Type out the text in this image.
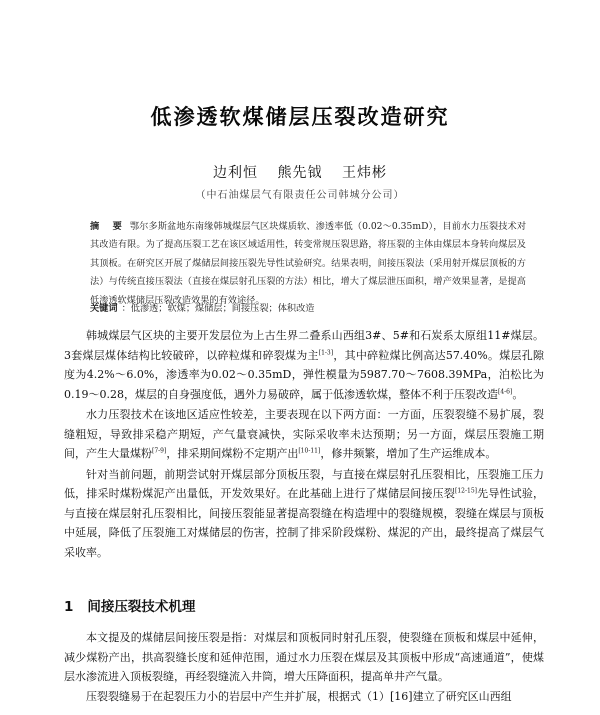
低渗透软煤储层压裂改造研究
边利恒 熊先钺 王炜彬
（中石油煤层气有限责任公司韩城分公司）
摘　要 鄂尔多斯盆地东南缘韩城煤层气区块煤质软、渗透率低（0.02～0.35mD），目前水力压裂技术对其改造有限。为了提高压裂工艺在该区域适用性，转变常规压裂思路，将压裂的主体由煤层本身转向煤层及其顶板。在研究区开展了煤储层间接压裂先导性试验研究。结果表明，间接压裂法（采用射开煤层顶板的方法）与传统直接压裂法（直接在煤层射孔压裂的方法）相比，增大了煤层泄压面积，增产效果显著，是提高低渗透软煤储层压裂改造效果的有效途径。
关键词 ：低渗透；软煤；煤储层；间接压裂；体积改造

韩城煤层气区块的主要开发层位为上古生界二叠系山西组3#、5#和石炭系太原组11#煤层。3套煤层煤体结构比较破碎，以碎粒煤和碎裂煤为主[1-3]，其中碎粒煤比例高达57.40%。煤层孔隙度为4.2%～6.0%，渗透率为0.02～0.35mD，弹性模量为5987.70～7608.39MPa，泊松比为0.19～0.28，煤层的自身强度低，遇外力易破碎，属于低渗透软煤，整体不利于压裂改造[4-6]。

水力压裂技术在该地区适应性较差，主要表现在以下两方面：一方面，压裂裂缝不易扩展，裂缝粗短，导致排采稳产期短，产气量衰减快，实际采收率未达预期；另一方面，煤层压裂施工期间，产生大量煤粉[7-9]，排采期间煤粉不定期产出[10-11]，修井频繁，增加了生产运维成本。

针对当前问题，前期尝试射开煤层部分顶板压裂，与直接在煤层射孔压裂相比，压裂施工压力低，排采时煤粉煤泥产出量低，开发效果好。在此基础上进行了煤储层间接压裂[12-15]先导性试验，与直接在煤层射孔压裂相比，间接压裂能显著提高裂缝在构造埋中的裂缝规模，裂缝在煤层与顶板中延展，降低了压裂施工对煤储层的伤害，控制了排采阶段煤粉、煤泥的产出，最终提高了煤层气采收率。

1 间接压裂技术机理

本文提及的煤储层间接压裂是指：对煤层和顶板同时射孔压裂，使裂缝在顶板和煤层中延伸，减少煤粉产出，拱高裂缝长度和延伸范围，通过水力压裂在煤层及其顶板中形成“高速通道”，使煤层水渗流进入顶板裂缝，再经裂缝流入井筒，增大压降面积，提高单井产气量。

压裂裂缝易于在起裂压力小的岩层中产生并扩展，根据式（1）[16]建立了研究区山西组
